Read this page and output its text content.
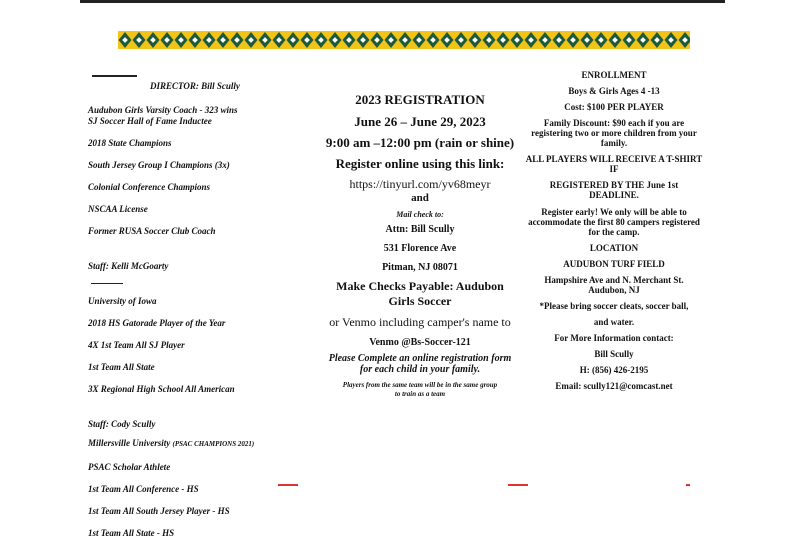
DIRECTOR: Bill Scully

Audubon Girls Varsity Coach - 323 wins

SJ Soccer Hall of Fame Inductee

2018 State Champions

South Jersey Group I Champions (3x)

Colonial Conference Champions

NSCAA License

Former RUSA Soccer Club Coach

Staff: Kelli McGoarty

University of Iowa

2018 HS Gatorade Player of the Year

4X 1st Team All SJ Player

1st Team All State

3X Regional High School All American

Staff: Cody Scully

Millersville University (PSAC CHAMPIONS 2021)

PSAC Scholar Athlete

1st Team All Conference - HS

1st Team All South Jersey Player - HS

1st Team All State - HS

2023 REGISTRATION

June 26 – June 29, 2023

9:00 am –12:00 pm (rain or shine)

Register online using this link:

https://tinyurl.com/yv68meyr

and

Mail check to:

Attn: Bill Scully

531 Florence Ave

Pitman, NJ 08071

Make Checks Payable: Audubon

Girls Soccer

or Venmo including camper's name to

Venmo @Bs-Soccer-121

Please Complete an online registration form

for each child in your family.

Players from the same team will be in the same group

to train as a team

ENROLLMENT

Boys & Girls Ages 4 -13

Cost: $100 PER PLAYER

Family Discount: $90 each if you are registering two or more children from your family.

ALL PLAYERS WILL RECEIVE A T-SHIRT IF

REGISTERED BY THE June 1st DEADLINE.

Register early! We only will be able to accommodate the first 80 campers registered for the camp.

LOCATION

AUDUBON TURF FIELD

Hampshire Ave and N. Merchant St.

Audubon, NJ

*Please bring soccer cleats, soccer ball,

and water.

For More Information contact:

Bill Scully

H: (856) 426-2195

Email: scully121@comcast.net
